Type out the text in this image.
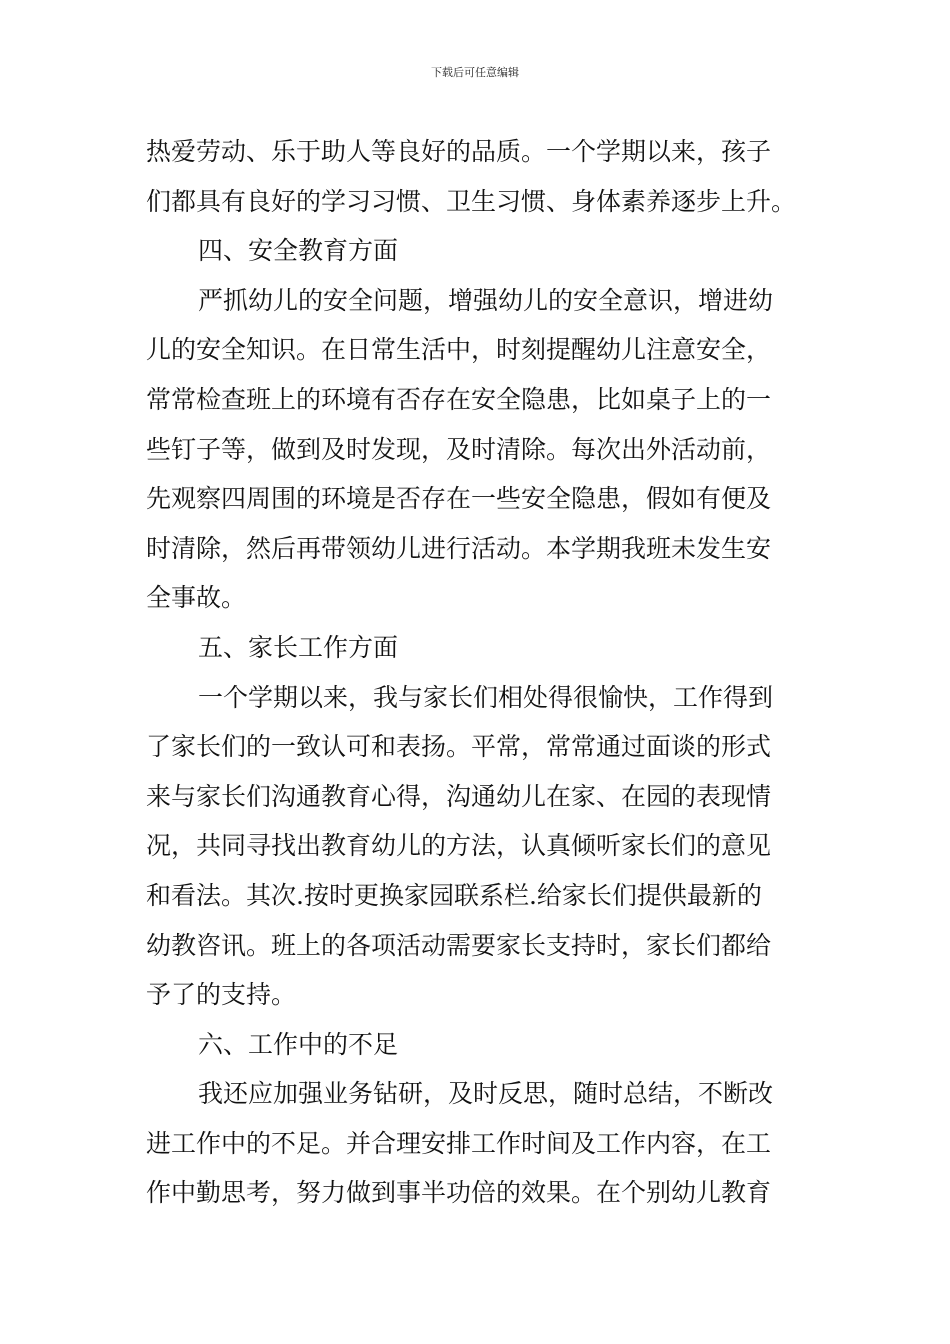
下载后可任意编辑
热爱劳动、乐于助人等良好的品质。一个学期以来，孩子
们都具有良好的学习习惯、卫生习惯、身体素养逐步上升。
四、安全教育方面
严抓幼儿的安全问题，增强幼儿的安全意识，增进幼
儿的安全知识。在日常生活中，时刻提醒幼儿注意安全，
常常检查班上的环境有否存在安全隐患，比如桌子上的一
些钉子等，做到及时发现，及时清除。每次出外活动前，
先观察四周围的环境是否存在一些安全隐患，假如有便及
时清除，然后再带领幼儿进行活动。本学期我班未发生安
全事故。
五、家长工作方面
一个学期以来，我与家长们相处得很愉快，工作得到
了家长们的一致认可和表扬。平常，常常通过面谈的形式
来与家长们沟通教育心得，沟通幼儿在家、在园的表现情
况，共同寻找出教育幼儿的方法，认真倾听家长们的意见
和看法。其次.按时更换家园联系栏.给家长们提供最新的
幼教咨讯。班上的各项活动需要家长支持时，家长们都给
予了的支持。
六、工作中的不足
我还应加强业务钻研，及时反思，随时总结，不断改
进工作中的不足。并合理安排工作时间及工作内容，在工
作中勤思考，努力做到事半功倍的效果。在个别幼儿教育
